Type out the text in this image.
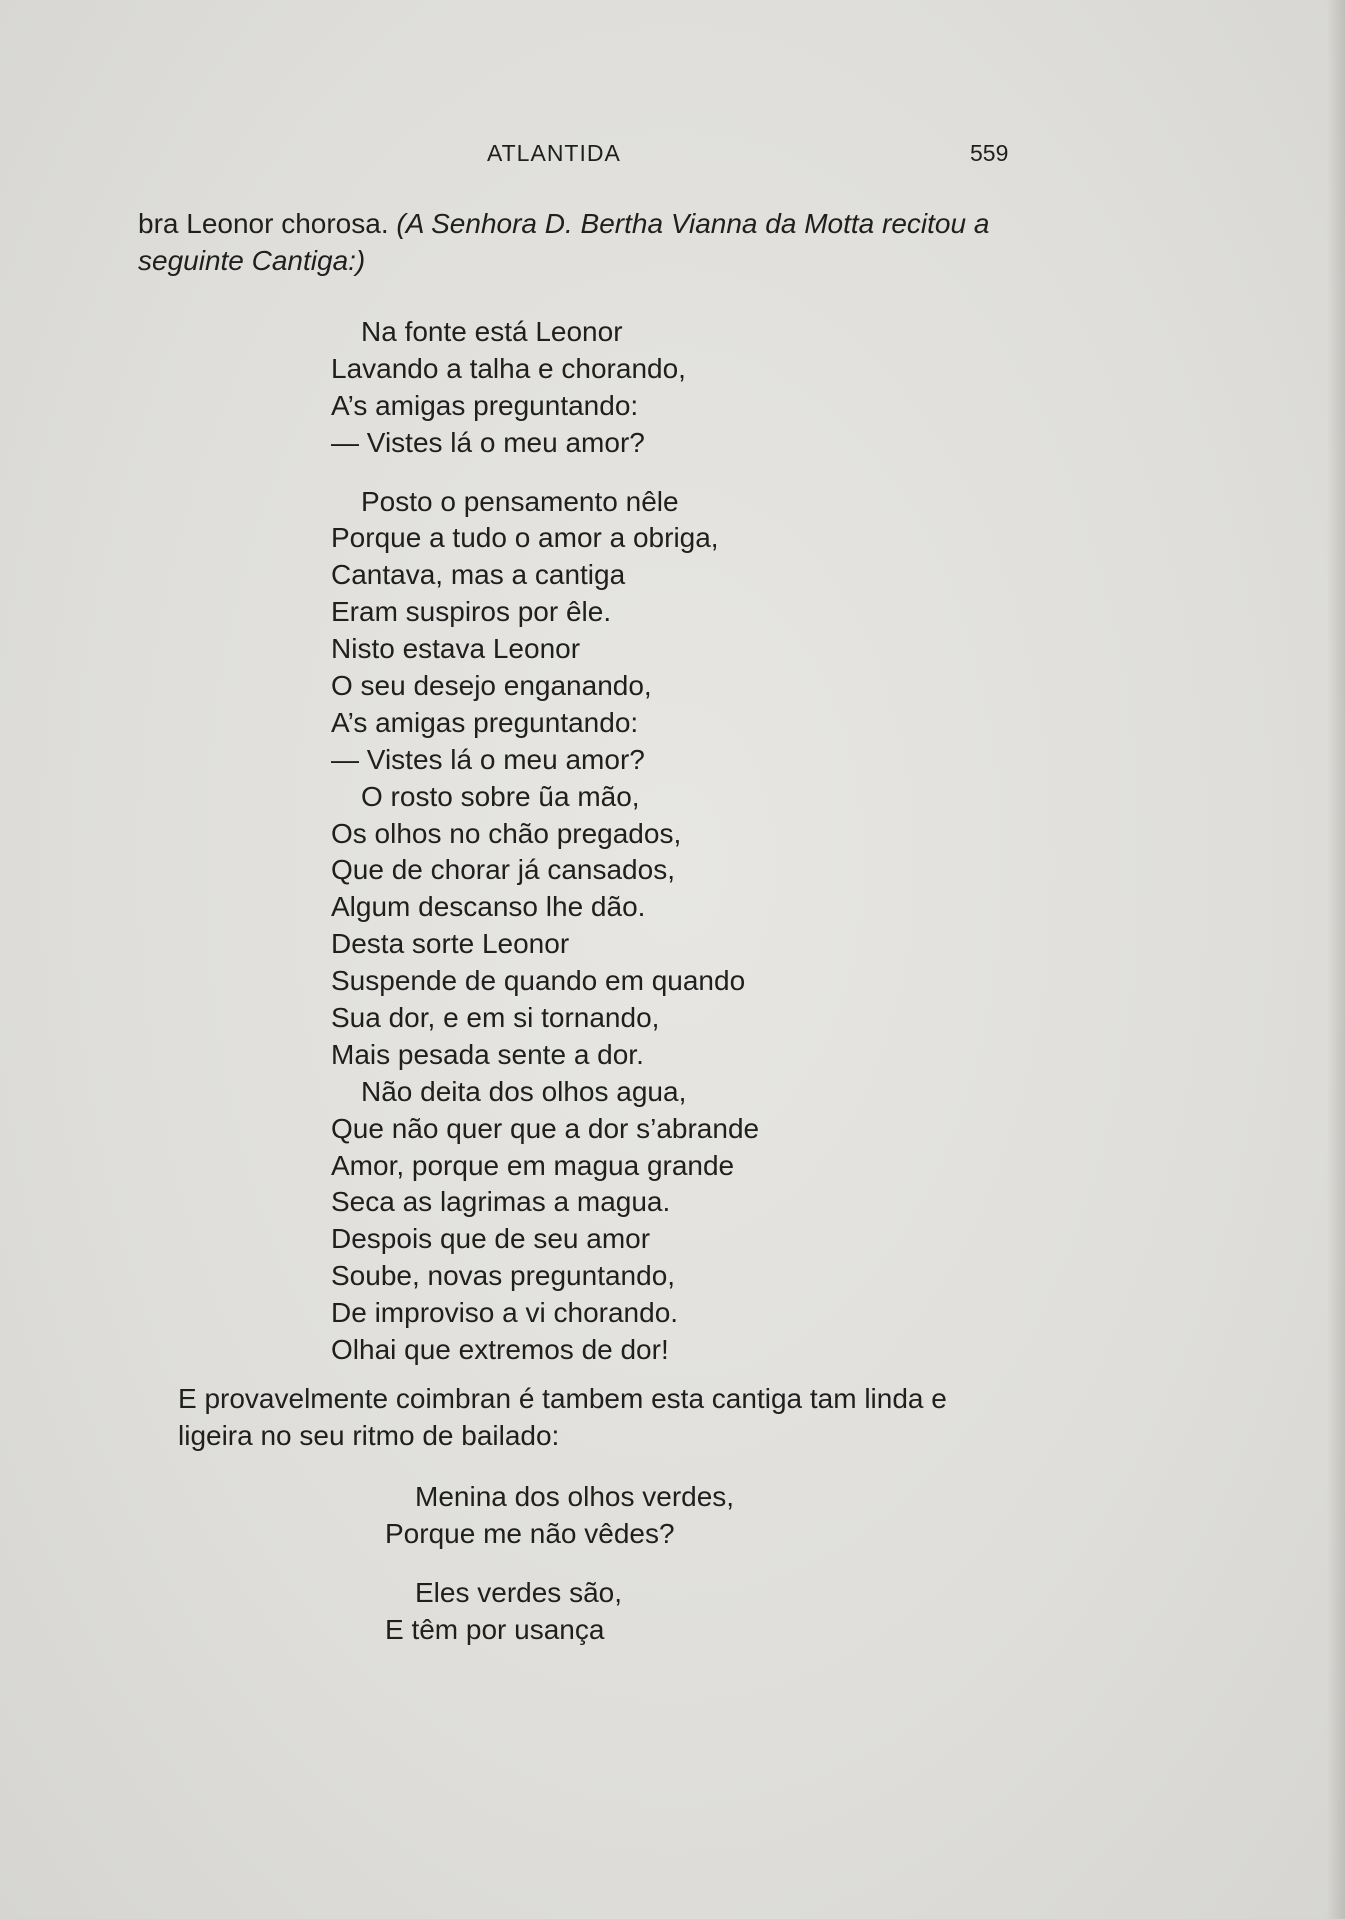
ATLANTIDA	559
bra Leonor chorosa. (A Senhora D. Bertha Vianna da Motta recitou a seguinte Cantiga:)
Na fonte está Leonor
Lavando a talha e chorando,
A’s amigas preguntando:
— Vistes lá o meu amor?
Posto o pensamento nêle
Porque a tudo o amor a obriga,
Cantava, mas a cantiga
Eram suspiros por êle.
Nisto estava Leonor
O seu desejo enganando,
A’s amigas preguntando:
— Vistes lá o meu amor?
O rosto sobre ũa mão,
Os olhos no chão pregados,
Que de chorar já cansados,
Algum descanso lhe dão.
Desta sorte Leonor
Suspende de quando em quando
Sua dor, e em si tornando,
Mais pesada sente a dor.
Não deita dos olhos agua,
Que não quer que a dor s’abrande
Amor, porque em magua grande
Seca as lagrimas a magua.
Despois que de seu amor
Soube, novas preguntando,
De improviso a vi chorando.
Olhai que extremos de dor!
E provavelmente coimbran é tambem esta cantiga tam linda e ligeira no seu ritmo de bailado:
Menina dos olhos verdes,
Porque me não vêdes?
Eles verdes são,
E têm por usança
